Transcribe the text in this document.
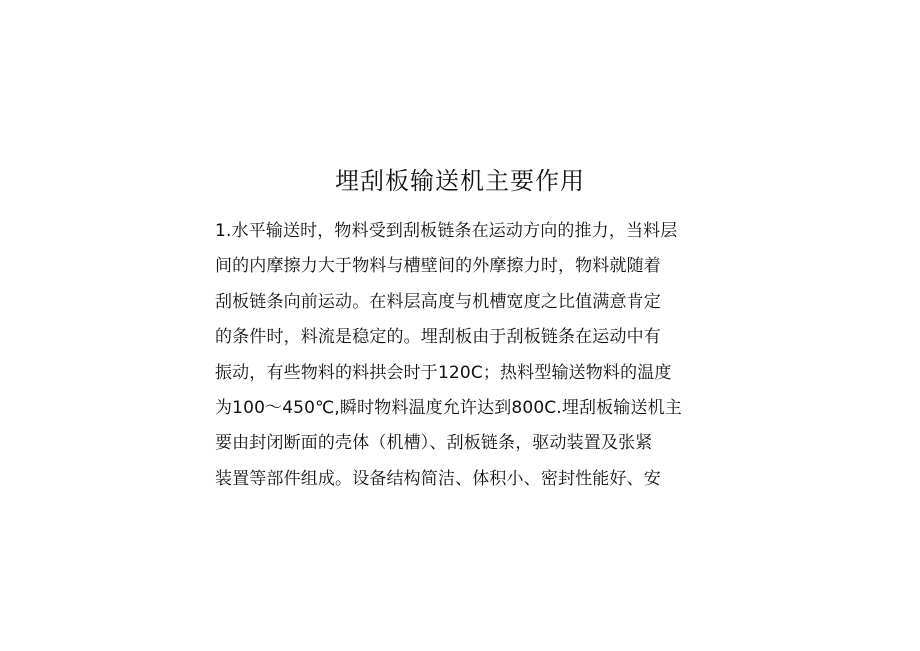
埋刮板输送机主要作用
1.水平输送时，物料受到刮板链条在运动方向的推力，当料层
间的内摩擦力大于物料与槽壁间的外摩擦力时，物料就随着
刮板链条向前运动。在料层高度与机槽宽度之比值满意肯定
的条件时，料流是稳定的。埋刮板由于刮板链条在运动中有
振动，有些物料的料拱会时于120C；热料型输送物料的温度
为100～450℃,瞬时物料温度允许达到800C.埋刮板输送机主
要由封闭断面的壳体（机槽）、刮板链条，驱动装置及张紧
装置等部件组成。设备结构简洁、体积小、密封性能好、安
